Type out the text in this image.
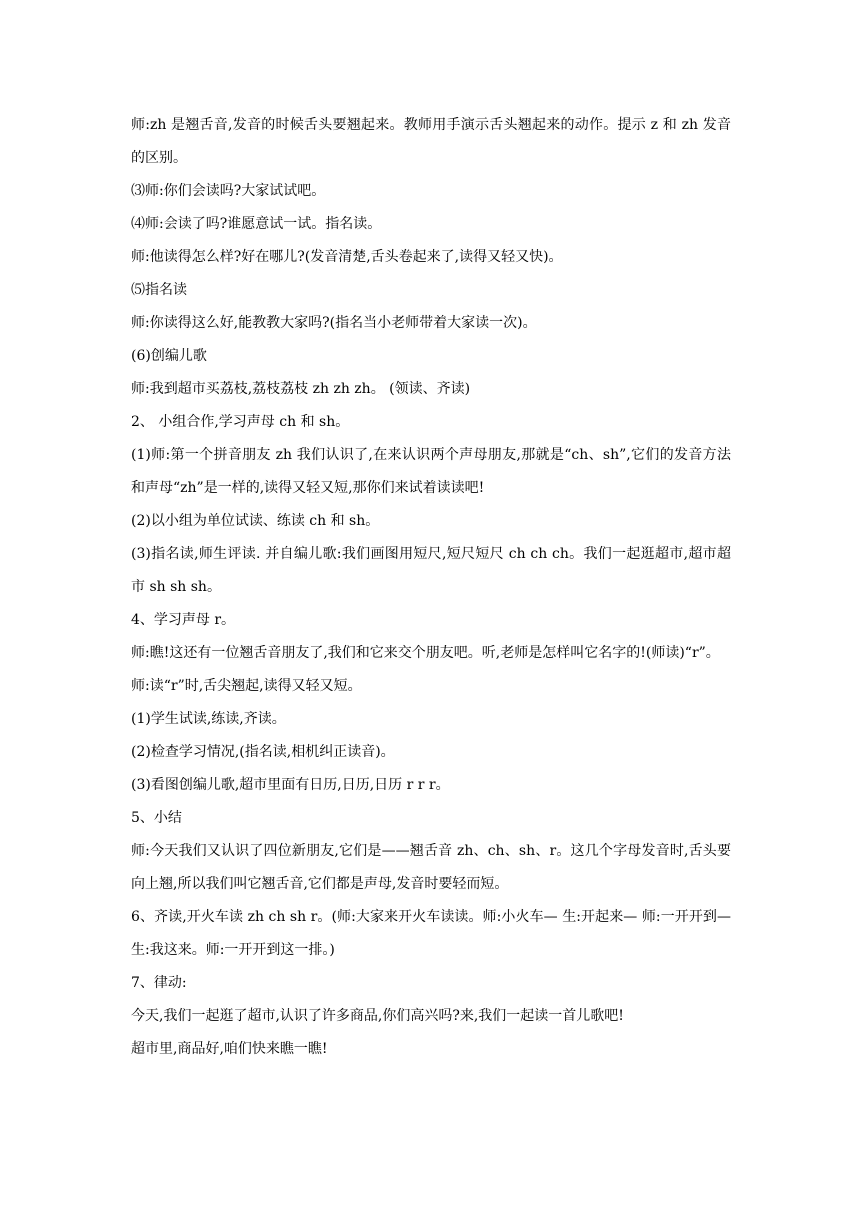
师:zh 是翘舌音,发音的时候舌头要翘起来。教师用手演示舌头翘起来的动作。提示 z 和 zh 发音的区别。

⑶师:你们会读吗?大家试试吧。

⑷师:会读了吗?谁愿意试一试。指名读。

师:他读得怎么样?好在哪儿?(发音清楚,舌头卷起来了,读得又轻又快)。

⑸指名读

师:你读得这么好,能教教大家吗?(指名当小老师带着大家读一次)。

(6)创编儿歌

师:我到超市买荔枝,荔枝荔枝 zh zh zh。 (领读、齐读)

2、 小组合作,学习声母 ch 和 sh。

(1)师:第一个拼音朋友 zh 我们认识了,在来认识两个声母朋友,那就是“ch、sh”,它们的发音方法和声母“zh”是一样的,读得又轻又短,那你们来试着读读吧!

(2)以小组为单位试读、练读 ch 和 sh。

(3)指名读,师生评读. 并自编儿歌:我们画图用短尺,短尺短尺 ch ch ch。我们一起逛超市,超市超市 sh sh sh。

4、学习声母 r。

师:瞧!这还有一位翘舌音朋友了,我们和它来交个朋友吧。听,老师是怎样叫它名字的!(师读)“r”。

师:读“r”时,舌尖翘起,读得又轻又短。

(1)学生试读,练读,齐读。

(2)检查学习情况,(指名读,相机纠正读音)。

(3)看图创编儿歌,超市里面有日历,日历,日历 r r r。

5、小结

师:今天我们又认识了四位新朋友,它们是——翘舌音 zh、ch、sh、r。这几个字母发音时,舌头要向上翘,所以我们叫它翘舌音,它们都是声母,发音时要轻而短。

6、齐读,开火车读 zh ch sh r。(师:大家来开火车读读。师:小火车— 生:开起来— 师:一开开到— 生:我这来。师:一开开到这一排。)

7、律动:

今天,我们一起逛了超市,认识了许多商品,你们高兴吗?来,我们一起读一首儿歌吧!

超市里,商品好,咱们快来瞧一瞧!
